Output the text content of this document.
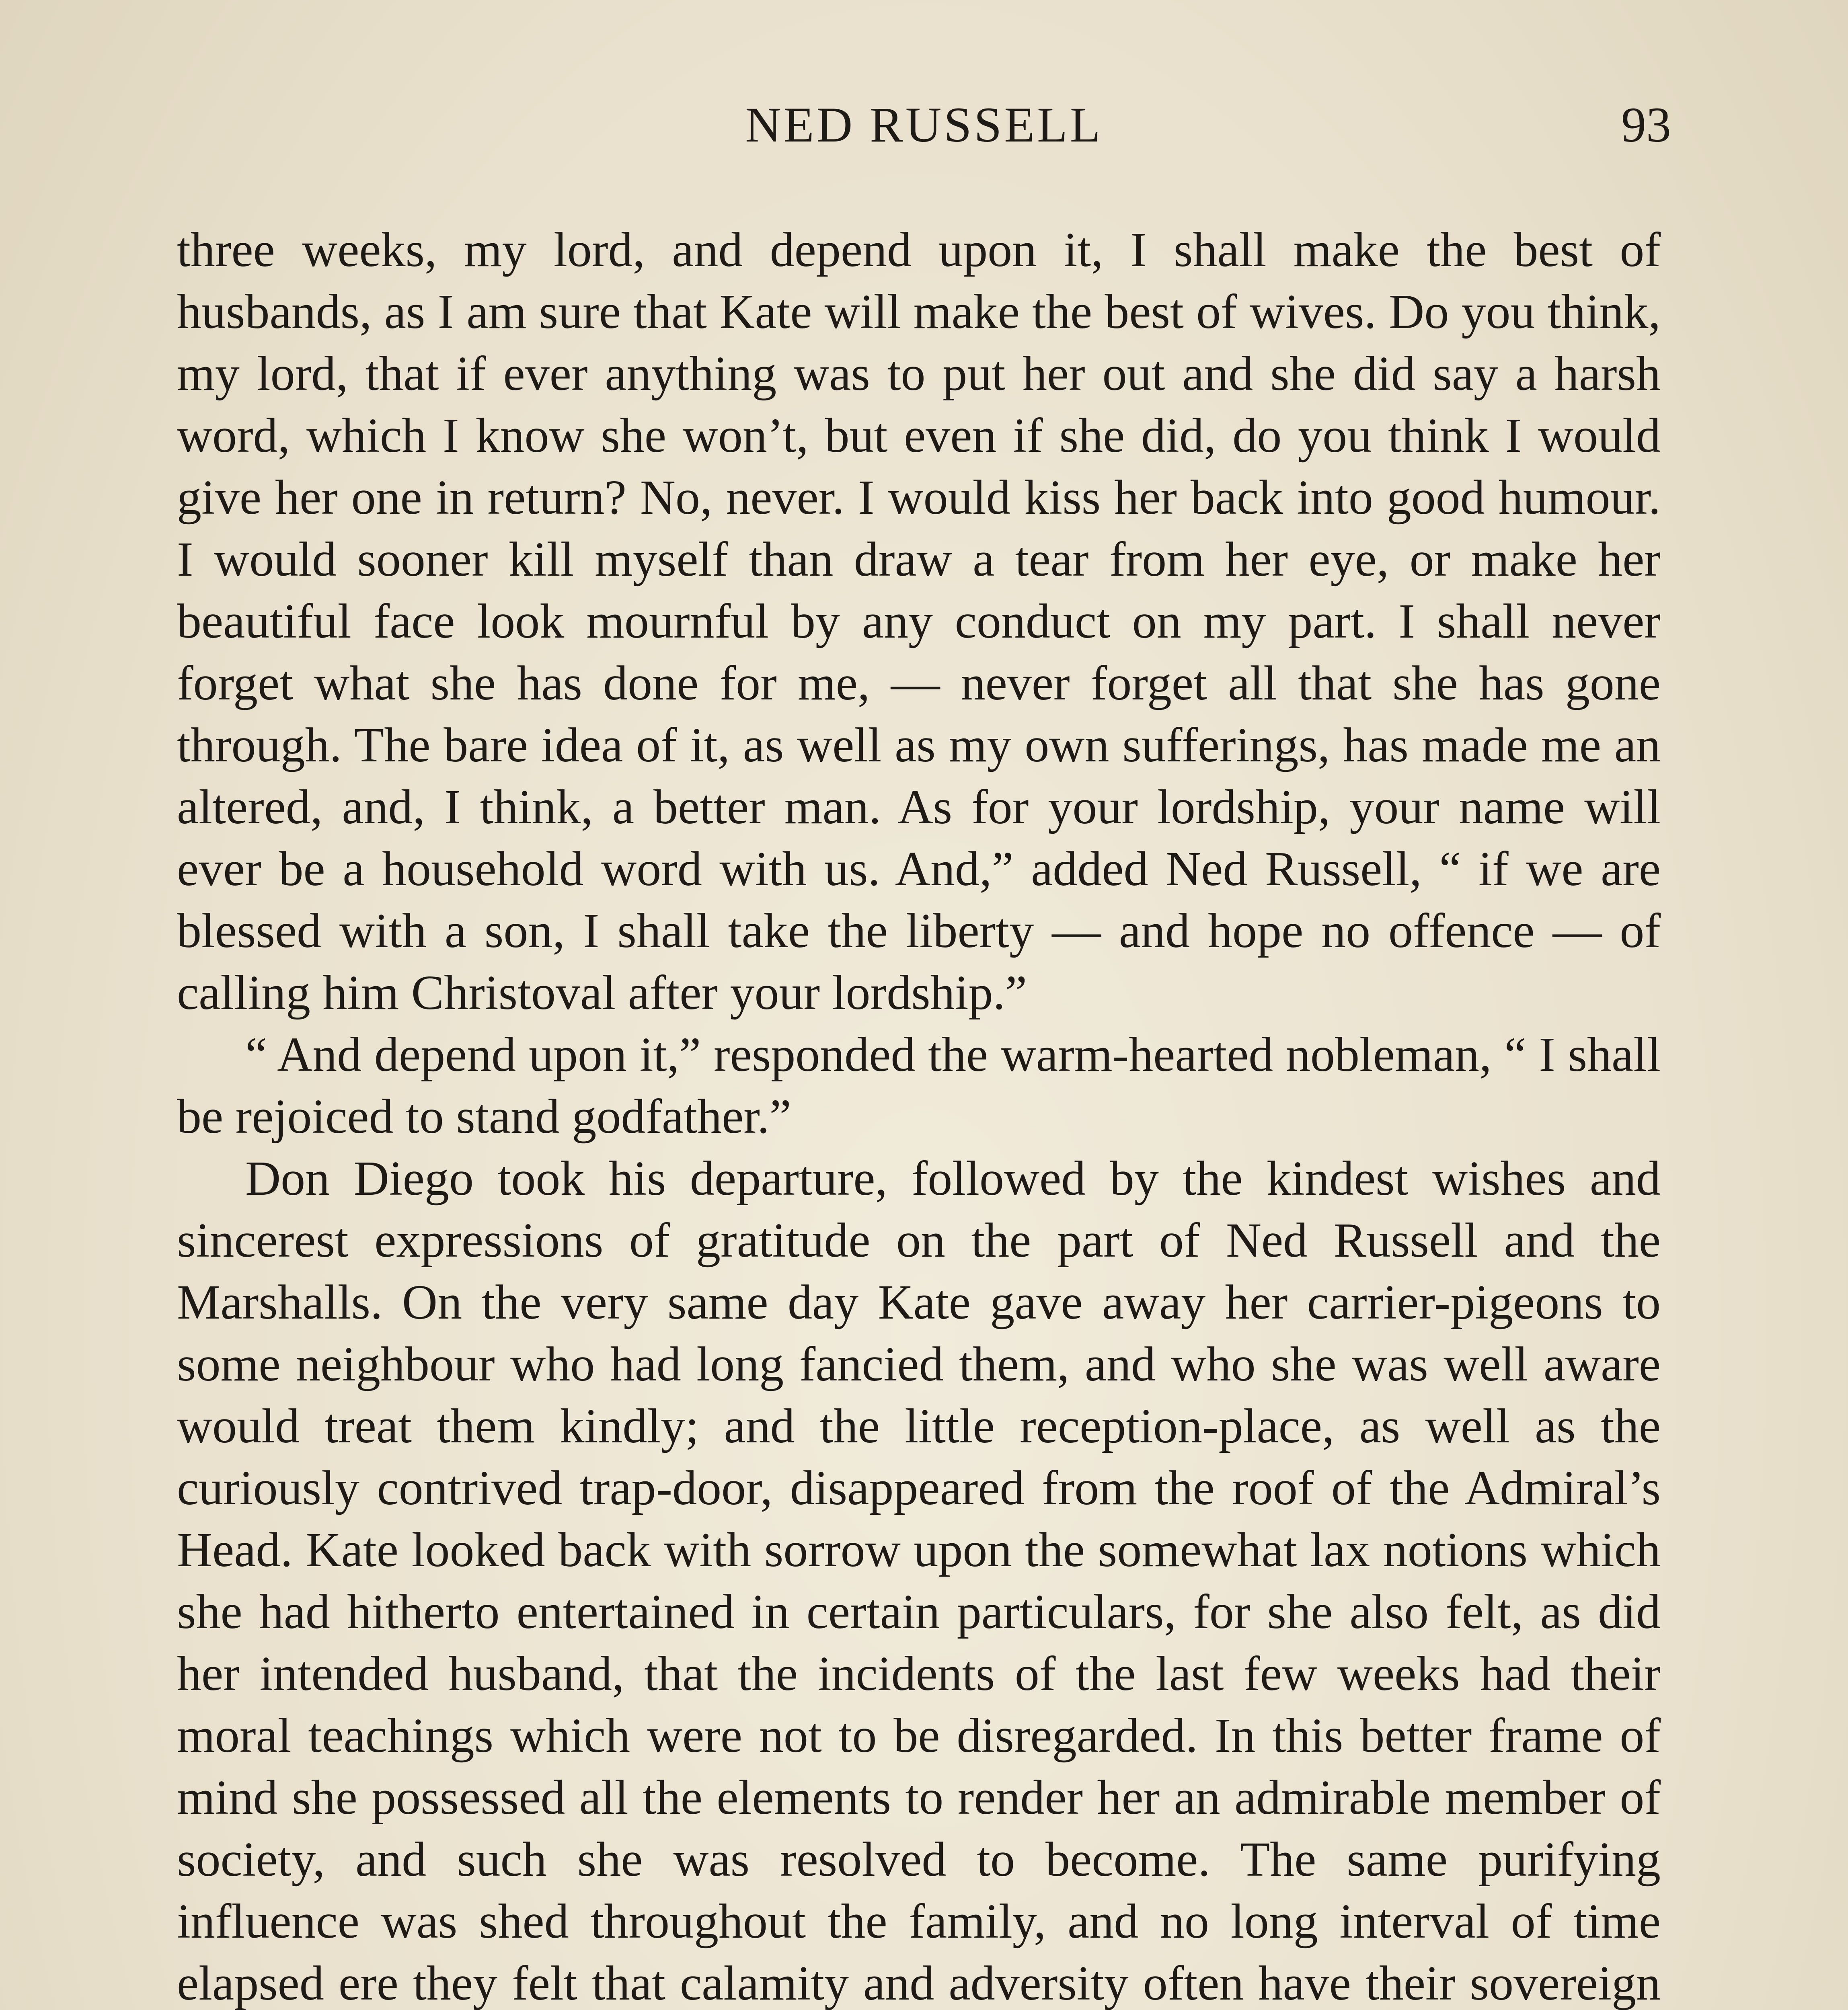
NED RUSSELL	93

three weeks, my lord, and depend upon it, I shall make the best of husbands, as I am sure that Kate will make the best of wives. Do you think, my lord, that if ever anything was to put her out and she did say a harsh word, which I know she won’t, but even if she did, do you think I would give her one in return? No, never. I would kiss her back into good humour. I would sooner kill myself than draw a tear from her eye, or make her beautiful face look mournful by any conduct on my part. I shall never forget what she has done for me, — never forget all that she has gone through. The bare idea of it, as well as my own sufferings, has made me an altered, and, I think, a better man. As for your lordship, your name will ever be a household word with us. And,” added Ned Russell, “ if we are blessed with a son, I shall take the liberty — and hope no offence — of calling him Christoval after your lordship.”

“ And depend upon it,” responded the warm-hearted nobleman, “ I shall be rejoiced to stand godfather.”

Don Diego took his departure, followed by the kindest wishes and sincerest expressions of gratitude on the part of Ned Russell and the Marshalls. On the very same day Kate gave away her carrier-pigeons to some neighbour who had long fancied them, and who she was well aware would treat them kindly; and the little reception-place, as well as the curiously contrived trap-door, disappeared from the roof of the Admiral’s Head. Kate looked back with sorrow upon the somewhat lax notions which she had hitherto entertained in certain particulars, for she also felt, as did her intended husband, that the incidents of the last few weeks had their moral teachings which were not to be disregarded. In this better frame of mind she possessed all the elements to render her an admirable member of society, and such she was resolved to become. The same purifying influence was shed throughout the family, and no long interval of time elapsed ere they felt that calamity and adversity often have their sovereign
